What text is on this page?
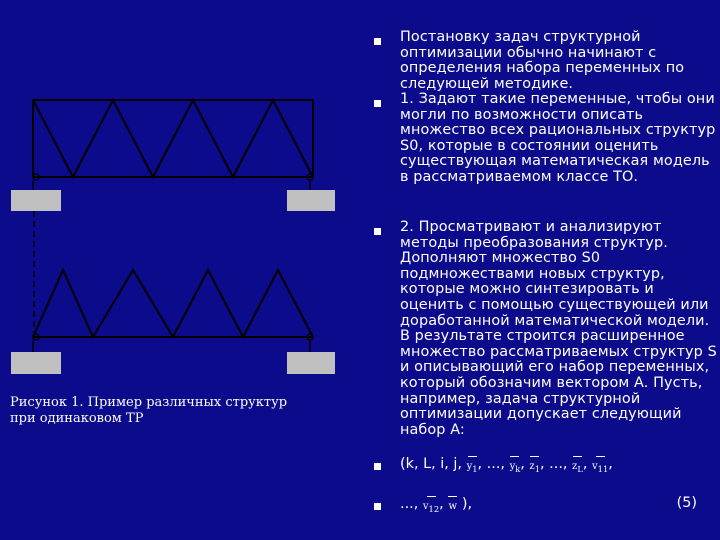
Рисунок 1. Пример различных структур при одинаковом ТР
Постановку задач структурной оптимизации обычно начинают с определения набора переменных по следующей методике.
1. Задают такие переменные, чтобы они могли по возможности описать множество всех рациональных структур S0, которые в состоянии оценить существующая математическая модель в рассматриваемом классе ТО.
2. Просматривают и анализируют методы преобразования структур. Дополняют множество S0 подмножествами новых структур, которые можно синтезировать и оценить с помощью существующей или доработанной математической модели. В результате строится расширенное множество рассматриваемых структур S и описывающий его набор переменных, который обозначим вектором A. Пусть, например, задача структурной оптимизации допускает следующий набор A:
(k, L, i, j, $y_1$, ..., $y_k$,
$z_1$, ..., $z_L$,
$v_{11}$,
..., $v_{12}$,
w ),	(5)
